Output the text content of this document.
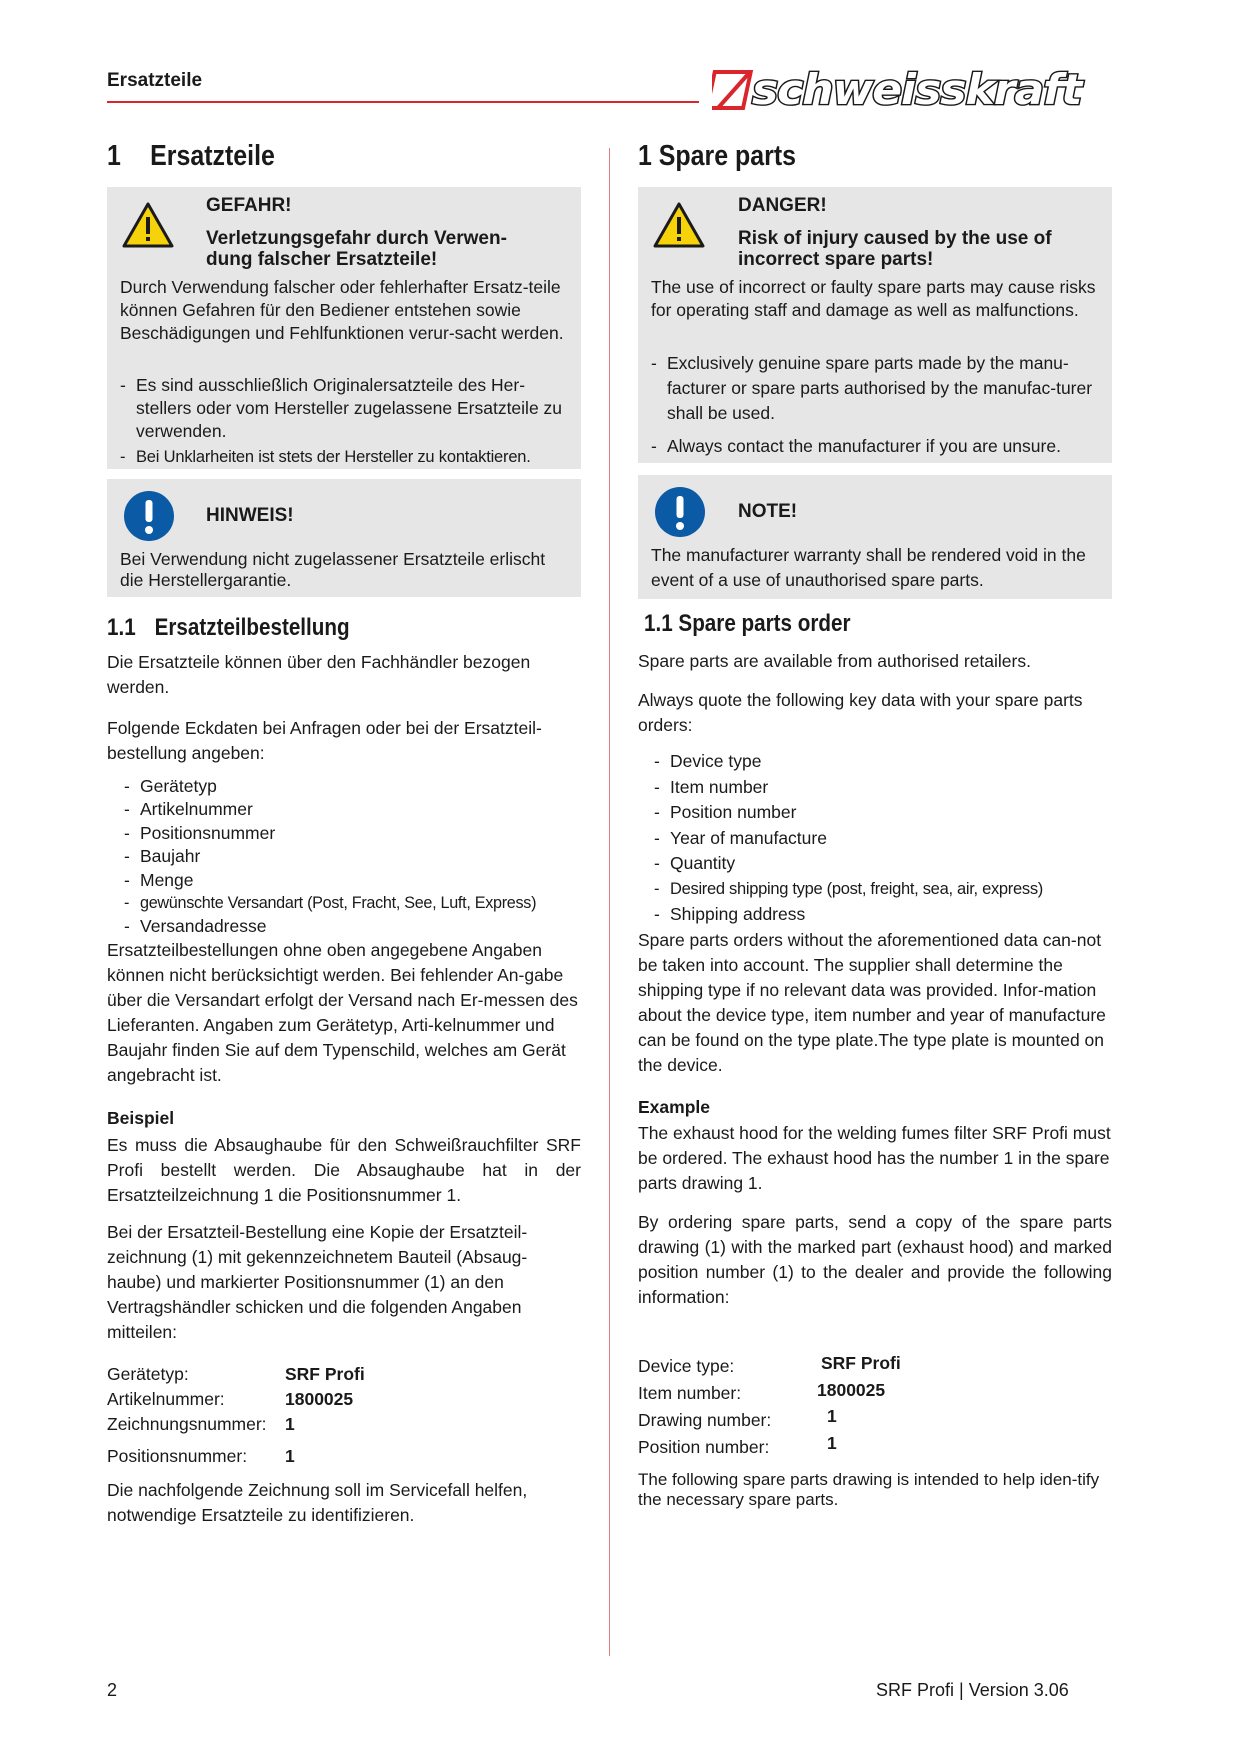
Ersatzteile	schweisskraft
1 Ersatzteile
GEFAHR!
Verletzungsgefahr durch Verwen-
dung falscher Ersatzteile!
Durch Verwendung falscher oder fehlerhafter Ersatz-teile können Gefahren für den Bediener entstehen sowie Beschädigungen und Fehlfunktionen verur-sacht werden.
- Es sind ausschließlich Originalersatzteile des Her-stellers oder vom Hersteller zugelassene Ersatzteile zu verwenden.
- Bei Unklarheiten ist stets der Hersteller zu kontaktieren.
HINWEIS!
Bei Verwendung nicht zugelassener Ersatzteile erlischt die Herstellergarantie.
1.1 Ersatzteilbestellung
Die Ersatzteile können über den Fachhändler bezogen werden.
Folgende Eckdaten bei Anfragen oder bei der Ersatzteil-bestellung angeben:
- Gerätetyp
- Artikelnummer
- Positionsnummer
- Baujahr
- Menge
- gewünschte Versandart (Post, Fracht, See, Luft, Express)
- Versandadresse
Ersatzteilbestellungen ohne oben angegebene Angaben können nicht berücksichtigt werden. Bei fehlender An-gabe über die Versandart erfolgt der Versand nach Er-messen des Lieferanten. Angaben zum Gerätetyp, Arti-kelnummer und Baujahr finden Sie auf dem Typenschild, welches am Gerät angebracht ist.
Beispiel
Es muss die Absaughaube für den Schweißrauchfilter SRF Profi bestellt werden. Die Absaughaube hat in der Ersatzteilzeichnung 1 die Positionsnummer 1.
Bei der Ersatzteil-Bestellung eine Kopie der Ersatzteil-zeichnung (1) mit gekennzeichnetem Bauteil (Absaug-haube) und markierter Positionsnummer (1) an den Vertragshändler schicken und die folgenden Angaben mitteilen:
Gerätetyp:	SRF Profi
Artikelnummer:	1800025
Zeichnungsnummer: 1
Positionsnummer: 1
Die nachfolgende Zeichnung soll im Servicefall helfen, notwendige Ersatzteile zu identifizieren.
1 Spare parts
DANGER!
Risk of injury caused by the use of
incorrect spare parts!
The use of incorrect or faulty spare parts may cause risks for operating staff and damage as well as malfunctions.
- Exclusively genuine spare parts made by the manu-facturer or spare parts authorised by the manufac-turer shall be used.
- Always contact the manufacturer if you are unsure.
NOTE!
The manufacturer warranty shall be rendered void in the event of a use of unauthorised spare parts.
1.1 Spare parts order
Spare parts are available from authorised retailers.
Always quote the following key data with your spare parts orders:
- Device type
- Item number
- Position number
- Year of manufacture
- Quantity
- Desired shipping type (post, freight, sea, air, express)
- Shipping address
Spare parts orders without the aforementioned data can-not be taken into account. The supplier shall determine the shipping type if no relevant data was provided. Infor-mation about the device type, item number and year of manufacture can be found on the type plate.The type plate is mounted on the device.
Example
The exhaust hood for the welding fumes filter SRF Profi must be ordered. The exhaust hood has the number 1 in the spare parts drawing 1.
By ordering spare parts, send a copy of the spare parts drawing (1) with the marked part (exhaust hood) and marked position number (1) to the dealer and provide the following information:
Device type:	SRF Profi
Item number:	1800025
Drawing number:	1
Position number:	1
The following spare parts drawing is intended to help iden-tify the necessary spare parts.
2	SRF Profi | Version 3.06
